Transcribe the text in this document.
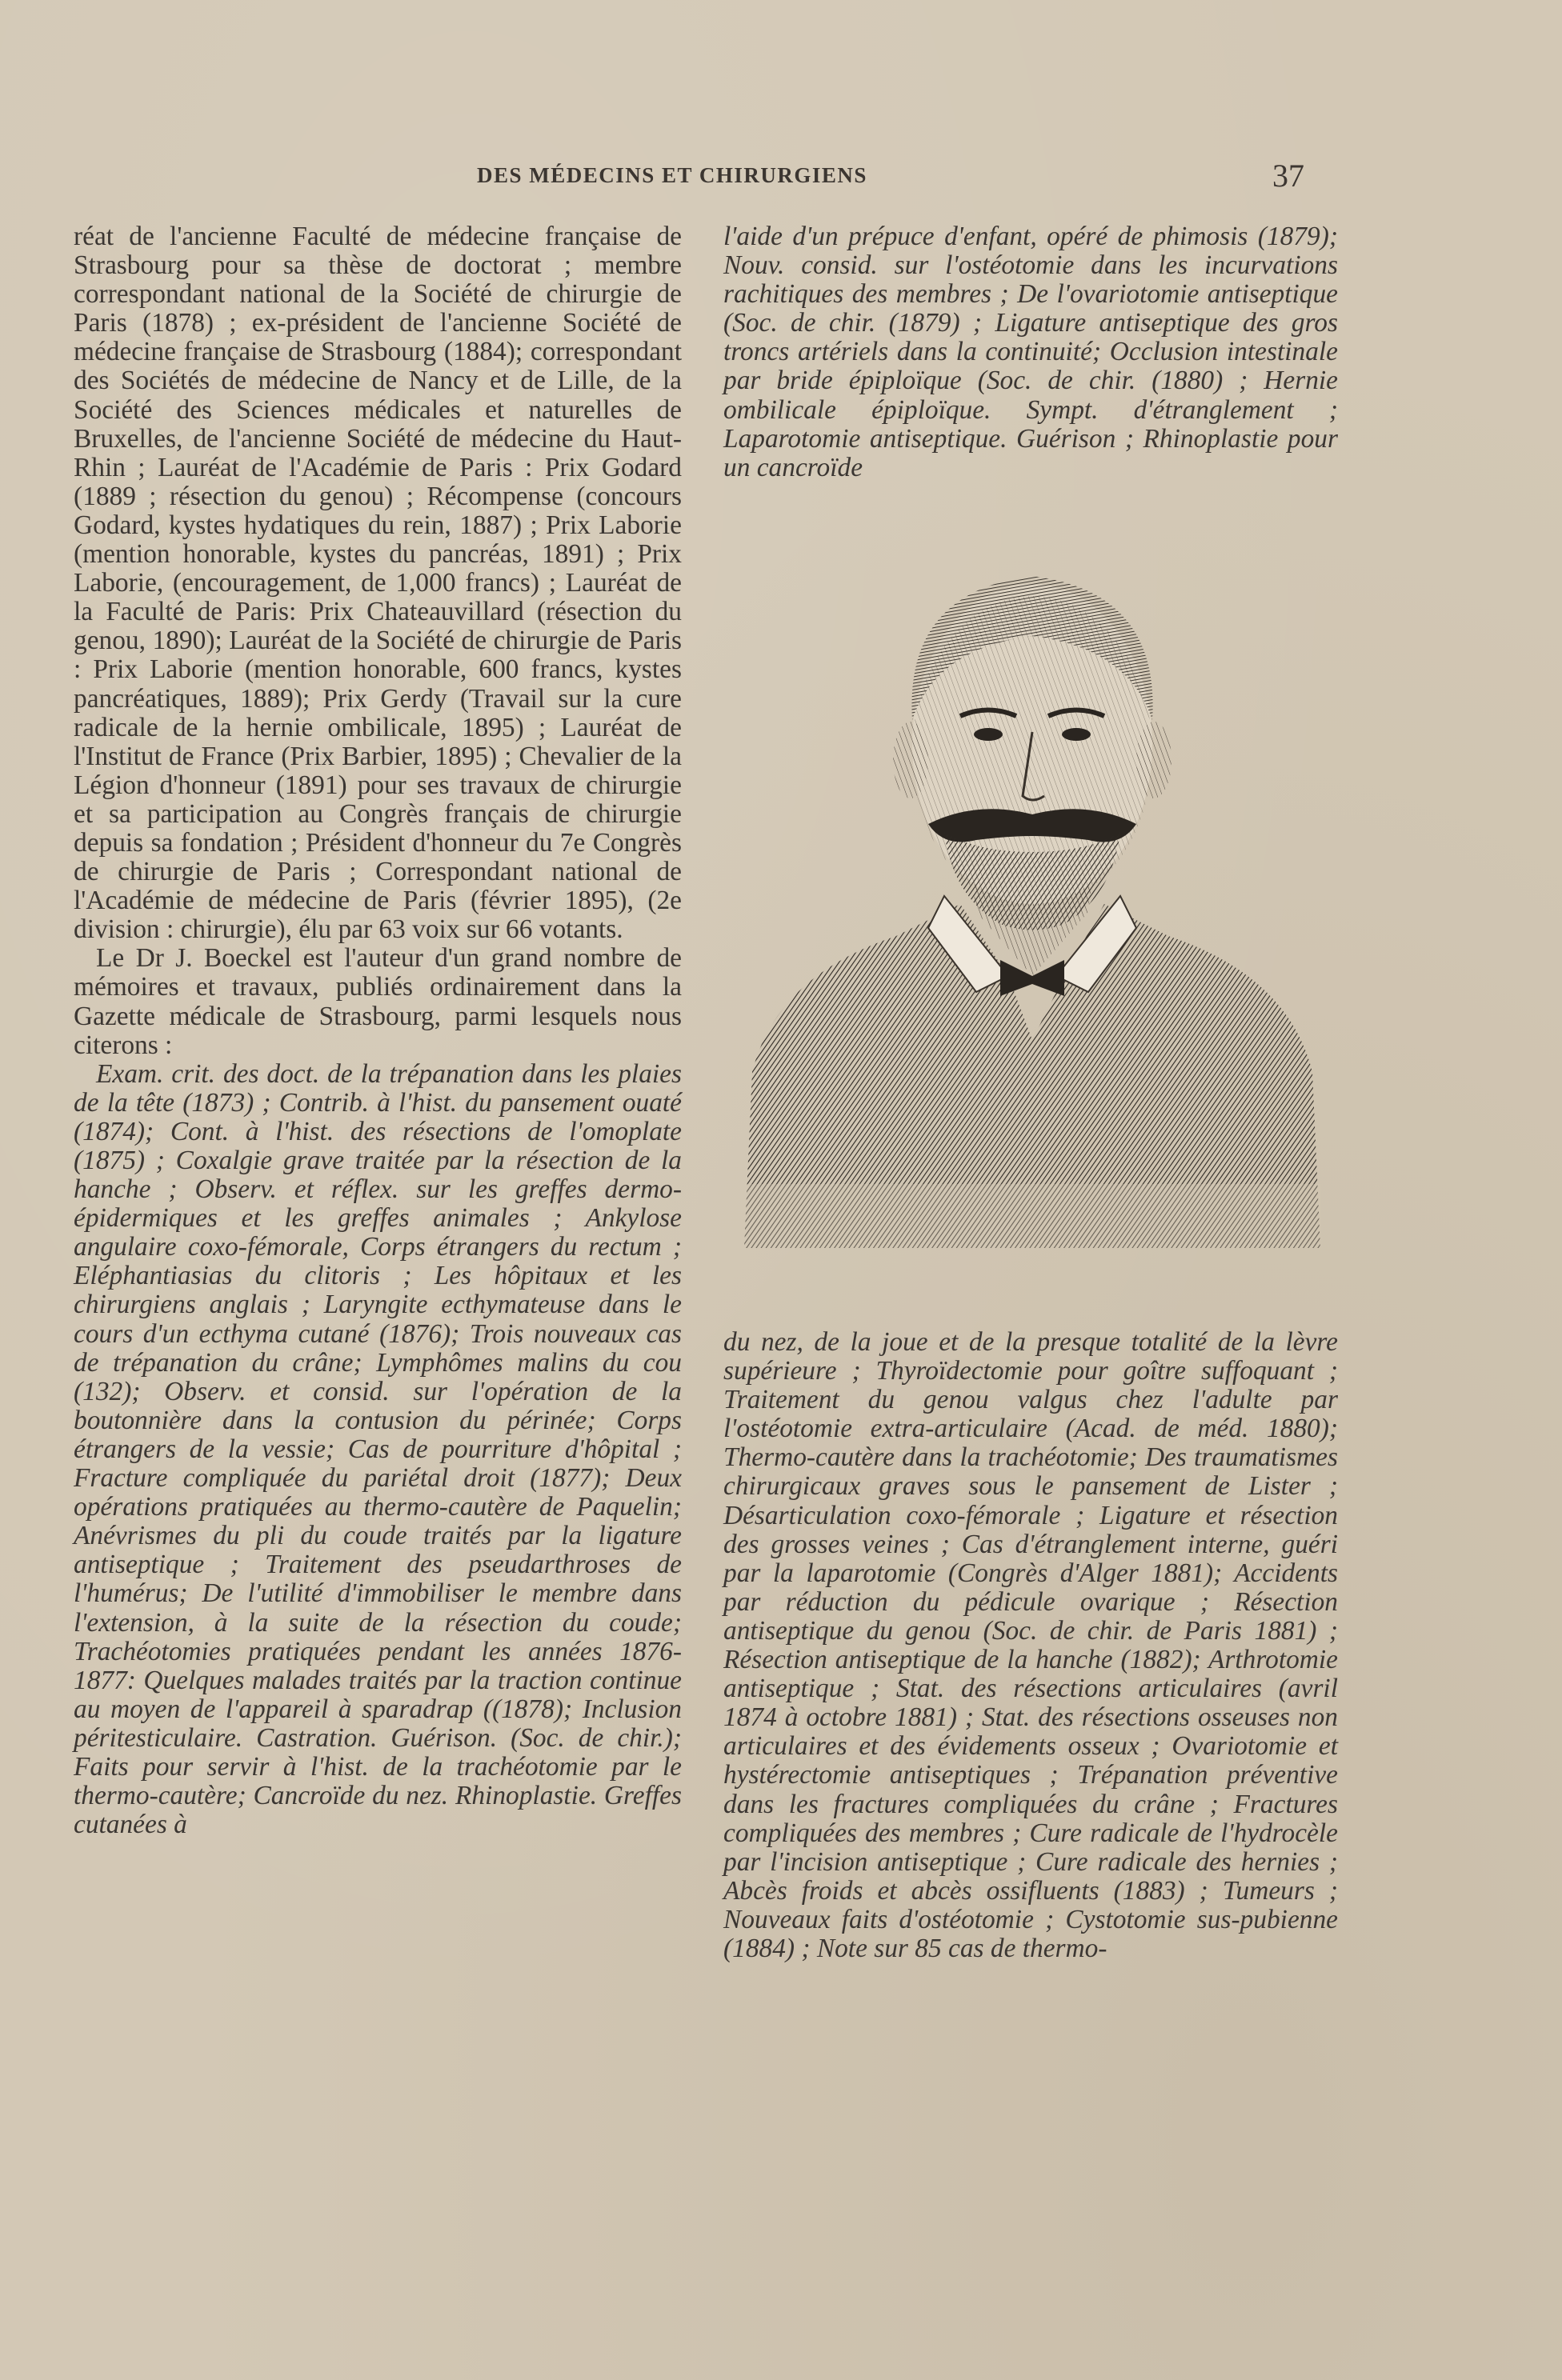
DES MÉDECINS ET CHIRURGIENS	37

réat de l'ancienne Faculté de médecine française de Strasbourg pour sa thèse de doctorat ; membre correspondant national de la Société de chirurgie de Paris (1878) ; ex-président de l'ancienne Société de médecine française de Strasbourg (1884); correspondant des Sociétés de médecine de Nancy et de Lille, de la Société des Sciences médicales et naturelles de Bruxelles, de l'ancienne Société de médecine du Haut-Rhin ; Lauréat de l'Académie de Paris : Prix Godard (1889 ; résection du genou) ; Récompense (concours Godard, kystes hydatiques du rein, 1887) ; Prix Laborie (mention honorable, kystes du pancréas, 1891) ; Prix Laborie, (encouragement, de 1,000 francs) ; Lauréat de la Faculté de Paris: Prix Chateauvillard (résection du genou, 1890); Lauréat de la Société de chirurgie de Paris : Prix Laborie (mention honorable, 600 francs, kystes pancréatiques, 1889); Prix Gerdy (Travail sur la cure radicale de la hernie ombilicale, 1895) ; Lauréat de l'Institut de France (Prix Barbier, 1895) ; Chevalier de la Légion d'honneur (1891) pour ses travaux de chirurgie et sa participation au Congrès français de chirurgie depuis sa fondation ; Président d'honneur du 7e Congrès de chirurgie de Paris ; Correspondant national de l'Académie de médecine de Paris (février 1895), (2e division : chirurgie), élu par 63 voix sur 66 votants.

Le Dr J. Boeckel est l'auteur d'un grand nombre de mémoires et travaux, publiés ordinairement dans la Gazette médicale de Strasbourg, parmi lesquels nous citerons :

Exam. crit. des doct. de la trépanation dans les plaies de la tête (1873) ; Contrib. à l'hist. du pansement ouaté (1874); Cont. à l'hist. des résections de l'omoplate (1875) ; Coxalgie grave traitée par la résection de la hanche ; Observ. et réflex. sur les greffes dermo-épidermiques et les greffes animales ; Ankylose angulaire coxo-fémorale, Corps étrangers du rectum ; Eléphantiasias du clitoris ; Les hôpitaux et les chirurgiens anglais ; Laryngite ecthymateuse dans le cours d'un ecthyma cutané (1876); Trois nouveaux cas de trépanation du crâne; Lymphômes malins du cou (132); Observ. et consid. sur l'opération de la boutonnière dans la contusion du périnée; Corps étrangers de la vessie; Cas de pourriture d'hôpital ; Fracture compliquée du pariétal droit (1877); Deux opérations pratiquées au thermo-cautère de Paquelin; Anévrismes du pli du coude traités par la ligature antiseptique ; Traitement des pseudarthroses de l'humérus; De l'utilité d'immobiliser le membre dans l'extension, à la suite de la résection du coude; Trachéotomies pratiquées pendant les années 1876-1877: Quelques malades traités par la traction continue au moyen de l'appareil à sparadrap ((1878); Inclusion péritesticulaire. Castration. Guérison. (Soc. de chir.); Faits pour servir à l'hist. de la trachéotomie par le thermo-cautère; Cancroïde du nez. Rhinoplastie. Greffes cutanées à

l'aide d'un prépuce d'enfant, opéré de phimosis (1879); Nouv. consid. sur l'ostéotomie dans les incurvations rachitiques des membres ; De l'ovariotomie antiseptique (Soc. de chir. (1879) ; Ligature antiseptique des gros troncs artériels dans la continuité; Occlusion intestinale par bride épiploïque (Soc. de chir. (1880) ; Hernie ombilicale épiploïque. Sympt. d'étranglement ; Laparotomie antiseptique. Guérison ; Rhinoplastie pour un cancroïde

du nez, de la joue et de la presque totalité de la lèvre supérieure ; Thyroïdectomie pour goître suffoquant ; Traitement du genou valgus chez l'adulte par l'ostéotomie extra-articulaire (Acad. de méd. 1880); Thermo-cautère dans la trachéotomie; Des traumatismes chirurgicaux graves sous le pansement de Lister ; Désarticulation coxo-fémorale ; Ligature et résection des grosses veines ; Cas d'étranglement interne, guéri par la laparotomie (Congrès d'Alger 1881); Accidents par réduction du pédicule ovarique ; Résection antiseptique du genou (Soc. de chir. de Paris 1881) ; Résection antiseptique de la hanche (1882); Arthrotomie antiseptique ; Stat. des résections articulaires (avril 1874 à octobre 1881) ; Stat. des résections osseuses non articulaires et des évidements osseux ; Ovariotomie et hystérectomie antiseptiques ; Trépanation préventive dans les fractures compliquées du crâne ; Fractures compliquées des membres ; Cure radicale de l'hydrocèle par l'incision antiseptique ; Cure radicale des hernies ; Abcès froids et abcès ossifluents (1883) ; Tumeurs ; Nouveaux faits d'ostéotomie ; Cystotomie sus-pubienne (1884) ; Note sur 85 cas de thermo-
